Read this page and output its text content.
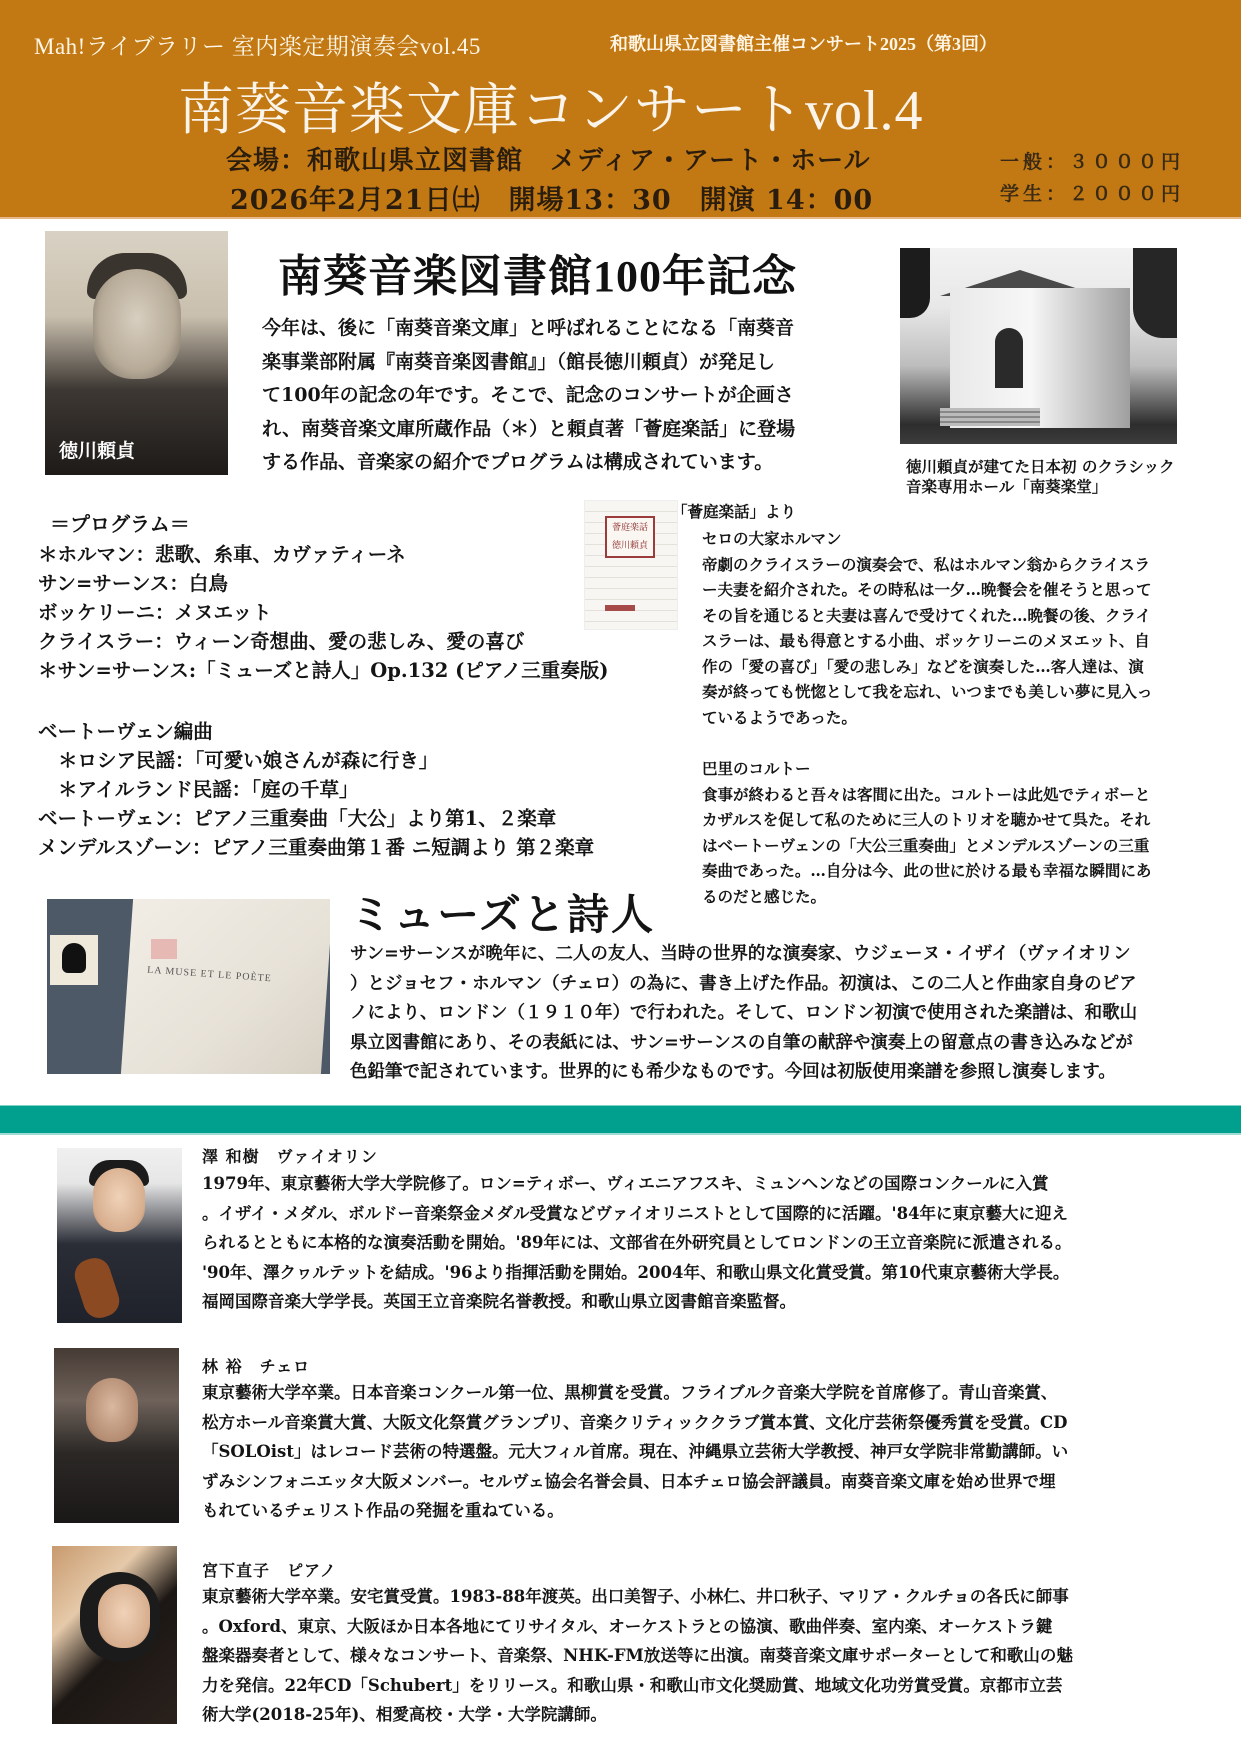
Mah!ライブラリー 室内楽定期演奏会vol.45	和歌山県立図書館主催コンサート2025（第3回）
南葵音楽文庫コンサートvol.4
会場：和歌山県立図書館　メディア・アート・ホール
2026年2月21日㈯　開場13：30　開演 14：00
一般：３０００円
学生：２０００円
徳川頼貞
南葵音楽図書館100年記念
今年は、後に「南葵音楽文庫」と呼ばれることになる「南葵音
楽事業部附属『南葵音楽図書館』」（館長徳川頼貞）が発足し
て100年の記念の年です。そこで、記念のコンサートが企画さ
れ、南葵音楽文庫所蔵作品（＊）と頼貞著「薈庭楽話」に登場
する作品、音楽家の紹介でプログラムは構成されています。	徳川頼貞が建てた日本初 のクラシック
音楽専用ホール「南葵楽堂」
＝プログラム＝
＊ホルマン：悲歌、糸車、カヴァティーネ
サン=サーンス：白鳥
ボッケリーニ：メヌエット
クライスラー：ウィーン奇想曲、愛の悲しみ、愛の喜び
＊サン=サーンス:「ミューズと詩人」Op.132 (ピアノ三重奏版)
ベートーヴェン編曲
＊ロシア民謡：「可愛い娘さんが森に行き」
＊アイルランド民謡：「庭の千草」
ベートーヴェン：ピアノ三重奏曲「大公」より第1、２楽章
メンデルスゾーン：ピアノ三重奏曲第１番 ニ短調より 第２楽章
薈庭楽話
徳川頼貞
「薈庭楽話」より
セロの大家ホルマン
帝劇のクライスラーの演奏会で、私はホルマン翁からクライスラ
ー夫妻を紹介された。その時私は一夕…晩餐会を催そうと思って
その旨を通じると夫妻は喜んで受けてくれた…晩餐の後、クライ
スラーは、最も得意とする小曲、ボッケリーニのメヌエット、自
作の「愛の喜び」「愛の悲しみ」などを演奏した…客人達は、演
奏が終っても恍惚として我を忘れ、いつまでも美しい夢に見入っ
ているようであった。
巴里のコルトー
食事が終わると吾々は客間に出た。コルトーは此処でティボーと
カザルスを促して私のために三人のトリオを聴かせて呉た。それ
はベートーヴェンの「大公三重奏曲」とメンデルスゾーンの三重
奏曲であった。…自分は今、此の世に於ける最も幸福な瞬間にあ
るのだと感じた。
LA MUSE ET LE POÈTE
ミューズと詩人
サン=サーンスが晩年に、二人の友人、当時の世界的な演奏家、ウジェーヌ・イザイ（ヴァイオリン
）とジョセフ・ホルマン（チェロ）の為に、書き上げた作品。初演は、この二人と作曲家自身のピア
ノにより、ロンドン（１９１０年）で行われた。そして、ロンドン初演で使用された楽譜は、和歌山
県立図書館にあり、その表紙には、サン=サーンスの自筆の献辞や演奏上の留意点の書き込みなどが
色鉛筆で記されています。世界的にも希少なものです。今回は初版使用楽譜を参照し演奏します。
澤 和樹　ヴァイオリン
1979年、東京藝術大学大学院修了。ロン=ティボー、ヴィエニアフスキ、ミュンヘンなどの国際コンクールに入賞
。イザイ・メダル、ボルドー音楽祭金メダル受賞などヴァイオリニストとして国際的に活躍。'84年に東京藝大に迎え
られるとともに本格的な演奏活動を開始。'89年には、文部省在外研究員としてロンドンの王立音楽院に派遣される。
'90年、澤クヮルテットを結成。'96より指揮活動を開始。2004年、和歌山県文化賞受賞。第10代東京藝術大学長。
福岡国際音楽大学学長。英国王立音楽院名誉教授。和歌山県立図書館音楽監督。
林 裕　チェロ
東京藝術大学卒業。日本音楽コンクール第一位、黒柳賞を受賞。フライブルク音楽大学院を首席修了。青山音楽賞、
松方ホール音楽賞大賞、大阪文化祭賞グランプリ、音楽クリティッククラブ賞本賞、文化庁芸術祭優秀賞を受賞。CD
「SOLOist」はレコード芸術の特選盤。元大フィル首席。現在、沖縄県立芸術大学教授、神戸女学院非常勤講師。い
ずみシンフォニエッタ大阪メンバー。セルヴェ協会名誉会員、日本チェロ協会評議員。南葵音楽文庫を始め世界で埋
もれているチェリスト作品の発掘を重ねている。
宮下直子　ピアノ
東京藝術大学卒業。安宅賞受賞。1983-88年渡英。出口美智子、小林仁、井口秋子、マリア・クルチョの各氏に師事
。Oxford、東京、大阪ほか日本各地にてリサイタル、オーケストラとの協演、歌曲伴奏、室内楽、オーケストラ鍵
盤楽器奏者として、様々なコンサート、音楽祭、NHK-FM放送等に出演。南葵音楽文庫サポーターとして和歌山の魅
力を発信。22年CD「Schubert」をリリース。和歌山県・和歌山市文化奨励賞、地域文化功労賞受賞。京都市立芸
術大学(2018-25年)、相愛高校・大学・大学院講師。
